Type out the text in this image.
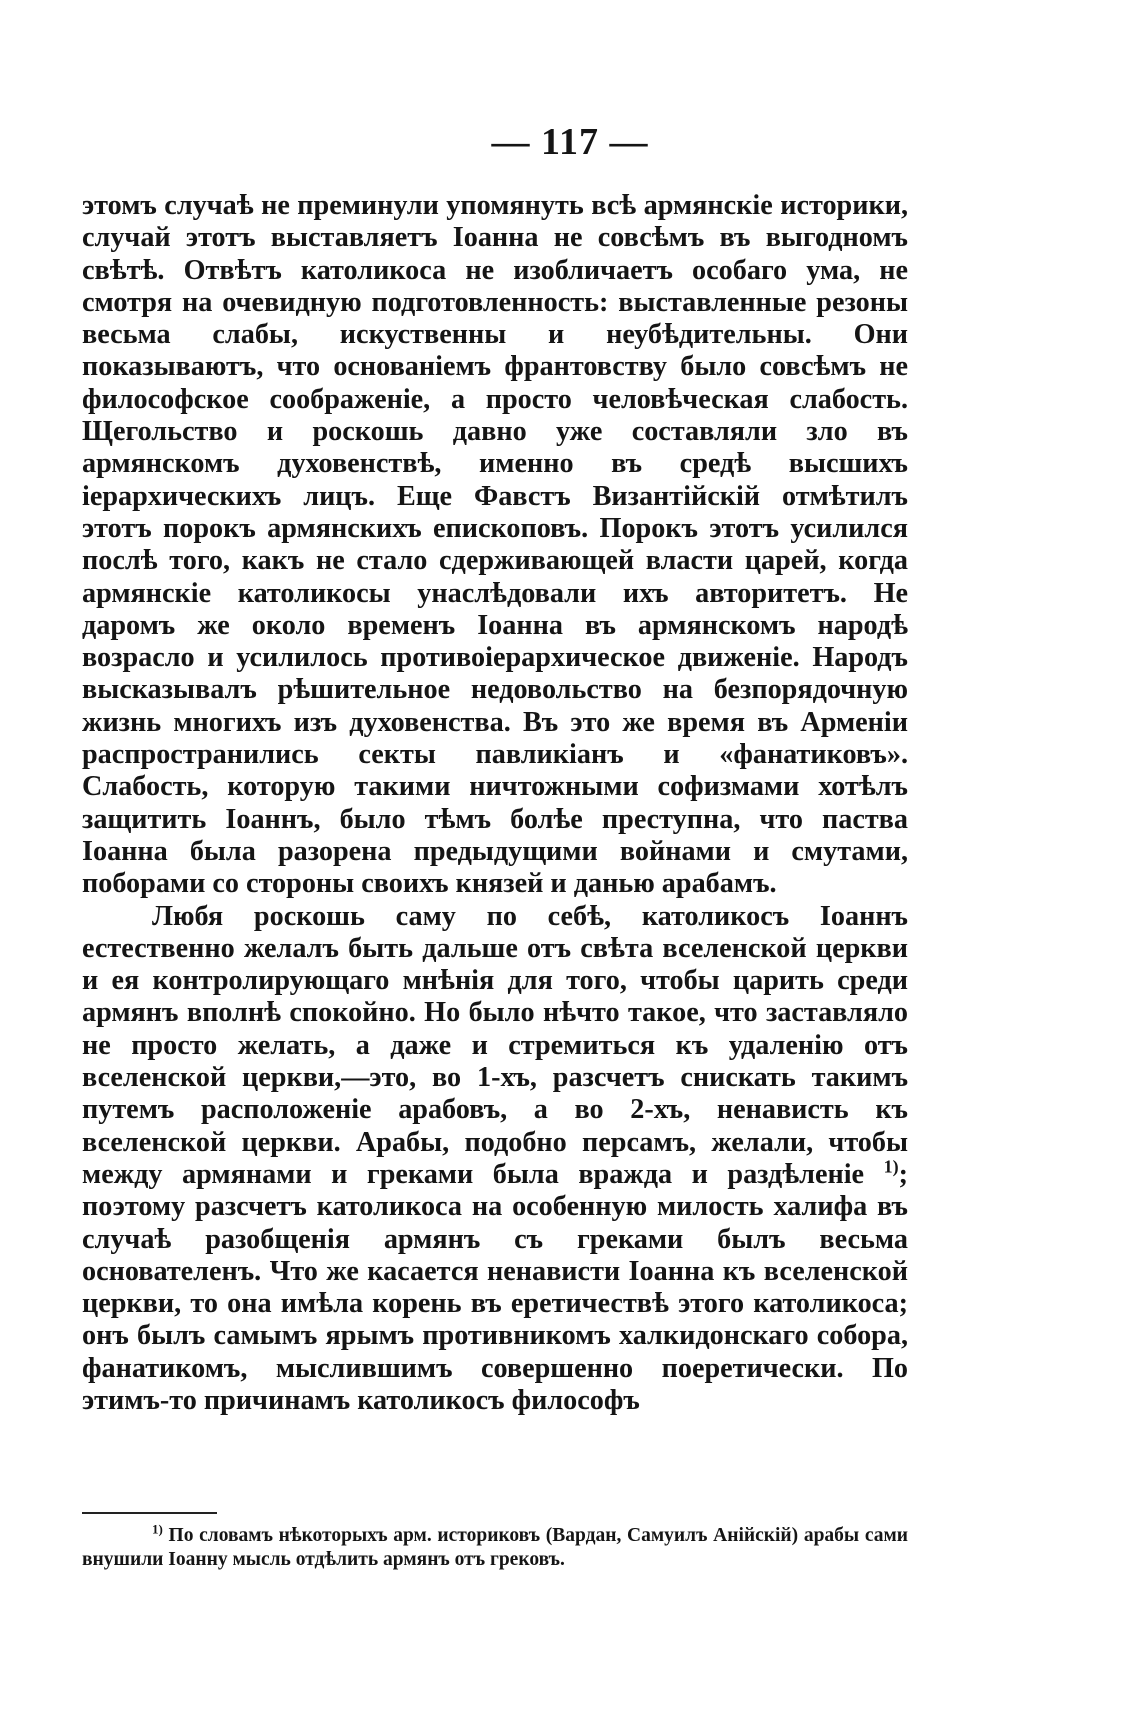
— 117 —

этомъ случаѣ не преминули упомянуть всѣ армянскіе историки, случай этотъ выставляетъ Іоанна не совсѣмъ въ выгодномъ свѣтѣ. Отвѣтъ католикоса не изобличаетъ особаго ума, не смотря на очевидную подготовленность: выставленные резоны весьма слабы, искуственны и неубѣдительны. Они показываютъ, что основаніемъ франтовству было совсѣмъ не философское соображеніе, а просто человѣческая слабость. Щегольство и роскошь давно уже составляли зло въ армянскомъ духовенствѣ, именно въ средѣ высшихъ іерархическихъ лицъ. Еще Фавстъ Византійскій отмѣтилъ этотъ порокъ армянскихъ епископовъ. Порокъ этотъ усилился послѣ того, какъ не стало сдерживающей власти царей, когда армянскіе католикосы унаслѣдовали ихъ авторитетъ. Не даромъ же около временъ Іоанна въ армянскомъ народѣ возрасло и усилилось противоіерархическое движеніе. Народъ высказывалъ рѣшительное недовольство на безпорядочную жизнь многихъ изъ духовенства. Въ это же время въ Арменіи распространились секты павликіанъ и «фанатиковъ». Слабость, которую такими ничтожными софизмами хотѣлъ защитить Іоаннъ, было тѣмъ болѣе преступна, что паства Іоанна была разорена предыдущими войнами и смутами, поборами со стороны своихъ князей и данью арабамъ.

Любя роскошь саму по себѣ, католикосъ Іоаннъ естественно желалъ быть дальше отъ свѣта вселенской церкви и ея контролирующаго мнѣнія для того, чтобы царить среди армянъ вполнѣ спокойно. Но было нѣчто такое, что заставляло не просто желать, а даже и стремиться къ удаленію отъ вселенской церкви,—это, во 1-хъ, разсчетъ снискать такимъ путемъ расположеніе арабовъ, а во 2-хъ, ненависть къ вселенской церкви. Арабы, подобно персамъ, желали, чтобы между армянами и греками была вражда и раздѣленіе $^{1)}$; поэтому разсчетъ католикоса на особенную милость халифа въ случаѣ разобщенія армянъ съ греками былъ весьма основателенъ. Что же касается ненависти Іоанна къ вселенской церкви, то она имѣла корень въ еретичествѣ этого католикоса; онъ былъ самымъ ярымъ противникомъ халкидонскаго собора, фанатикомъ, мыслившимъ совершенно поеретически. По этимъ-то причинамъ католикосъ философъ

$^{1)}$ По словамъ нѣкоторыхъ арм. историковъ (Вардан, Самуилъ Анійскій) арабы сами внушили Іоанну мысль отдѣлить армянъ отъ грековъ.
